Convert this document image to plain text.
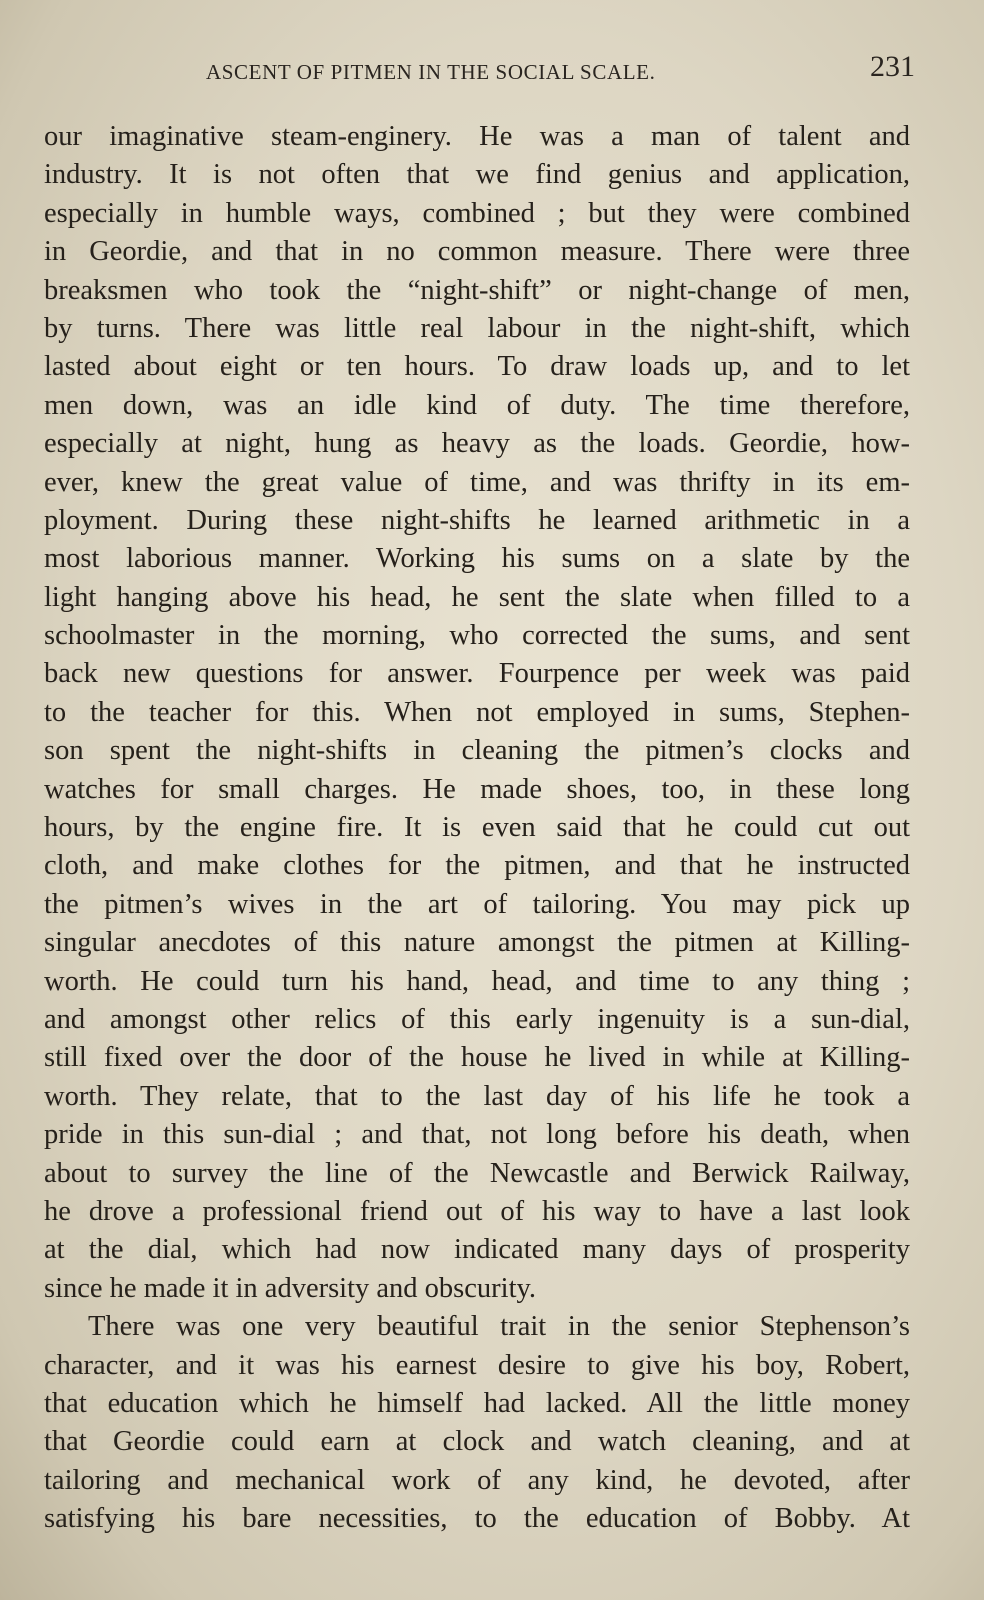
ASCENT OF PITMEN IN THE SOCIAL SCALE.	231
our imaginative steam-enginery. He was a man of talent and
industry. It is not often that we find genius and application,
especially in humble ways, combined ; but they were combined
in Geordie, and that in no common measure. There were three
breaksmen who took the “night-shift” or night-change of men,
by turns. There was little real labour in the night-shift, which
lasted about eight or ten hours. To draw loads up, and to let
men down, was an idle kind of duty. The time therefore,
especially at night, hung as heavy as the loads. Geordie, how-
ever, knew the great value of time, and was thrifty in its em-
ployment. During these night-shifts he learned arithmetic in a
most laborious manner. Working his sums on a slate by the
light hanging above his head, he sent the slate when filled to a
schoolmaster in the morning, who corrected the sums, and sent
back new questions for answer. Fourpence per week was paid
to the teacher for this. When not employed in sums, Stephen-
son spent the night-shifts in cleaning the pitmen’s clocks and
watches for small charges. He made shoes, too, in these long
hours, by the engine fire. It is even said that he could cut out
cloth, and make clothes for the pitmen, and that he instructed
the pitmen’s wives in the art of tailoring. You may pick up
singular anecdotes of this nature amongst the pitmen at Killing-
worth. He could turn his hand, head, and time to any thing ;
and amongst other relics of this early ingenuity is a sun-dial,
still fixed over the door of the house he lived in while at Killing-
worth. They relate, that to the last day of his life he took a
pride in this sun-dial ; and that, not long before his death, when
about to survey the line of the Newcastle and Berwick Railway,
he drove a professional friend out of his way to have a last look
at the dial, which had now indicated many days of prosperity
since he made it in adversity and obscurity.
There was one very beautiful trait in the senior Stephenson’s
character, and it was his earnest desire to give his boy, Robert,
that education which he himself had lacked. All the little money
that Geordie could earn at clock and watch cleaning, and at
tailoring and mechanical work of any kind, he devoted, after
satisfying his bare necessities, to the education of Bobby. At
